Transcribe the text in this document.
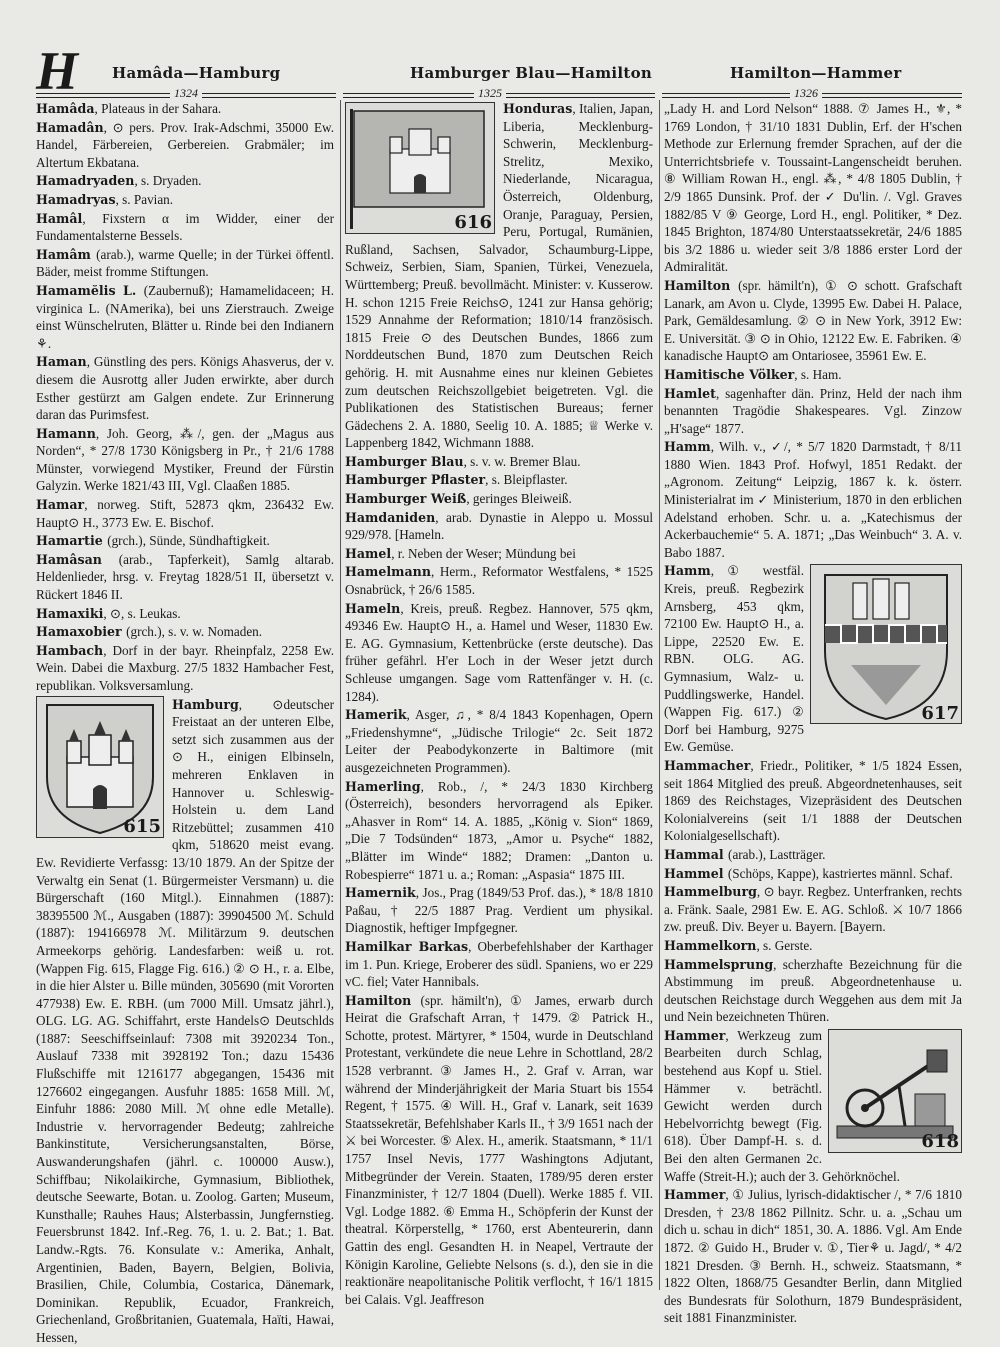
H Hamâda—Hamburg	Hamburger Blau—Hamilton	Hamilton—Hammer
1324	1325	1326

Hamâda, Plateaus in der Sahara.

Hamadân, ⊙ pers. Prov. Irak-Adschmi, 35000 Ew. Handel, Färbereien, Gerbereien. Grabmäler; im Altertum Ekbatana.

Hamadryaden, s. Dryaden.

Hamadryas, s. Pavian.

Hamâl, Fixstern α im Widder, einer der Fundamentalsterne Bessels.

Hamâm (arab.), warme Quelle; in der Türkei öffentl. Bäder, meist fromme Stiftungen.

Hamamĕlis L. (Zaubernuß); Hamamelidaceen; H. virginica L. (NAmerika), bei uns Zierstrauch. Zweige einst Wünschelruten, Blätter u. Rinde bei den Indianern ⚘.

Haman, Günstling des pers. Königs Ahasverus, der v. diesem die Ausrottg aller Juden erwirkte, aber durch Esther gestürzt am Galgen endete. Zur Erinnerung daran das Purimsfest.

Hamann, Joh. Georg, ⁂/, gen. der „Magus aus Norden“, * 27/8 1730 Königsberg in Pr., † 21/6 1788 Münster, vorwiegend Mystiker, Freund der Fürstin Galyzin. Werke 1821/43 III, Vgl. Claaßen 1885.

Hamar, norweg. Stift, 52873 qkm, 236432 Ew. Haupt⊙ H., 3773 Ew. E. Bischof.

Hamartie (grch.), Sünde, Sündhaftigkeit.

Hamâsan (arab., Tapferkeit), Samlg altarab. Heldenlieder, hrsg. v. Freytag 1828/51 II, übersetzt v. Rückert 1846 II.

Hamaxiki, ⊙, s. Leukas.

Hamaxobier (grch.), s. v. w. Nomaden.

Hambach, Dorf in der bayr. Rheinpfalz, 2258 Ew. Wein. Dabei die Maxburg. 27/5 1832 Hambacher Fest, republikan. Volksversamlung.

615

Hamburg, ⊙deutscher Freistaat an der unteren Elbe, setzt sich zusammen aus der ⊙ H., einigen Elbinseln, mehreren Enklaven in Hannover u. Schleswig-Holstein u. dem Land Ritzebüttel; zusammen 410 qkm, 518620 meist evang. Ew. Revidierte Verfassg: 13/10 1879. An der Spitze der Verwaltg ein Senat (1. Bürgermeister Versmann) u. die Bürgerschaft (160 Mitgl.). Einnahmen (1887): 38395500 ℳ., Ausgaben (1887): 39904500 ℳ. Schuld (1887): 194166978 ℳ. Militärzum 9. deutschen Armeekorps gehörig. Landesfarben: weiß u. rot. (Wappen Fig. 615, Flagge Fig. 616.) ② ⊙ H., r. a. Elbe, in die hier Alster u. Bille münden, 305690 (mit Vororten 477938) Ew. E. RBH. (um 7000 Mill. Umsatz jährl.), OLG. LG. AG. Schiffahrt, erste Handels⊙ Deutschlds (1887: Seeschiffseinlauf: 7308 mit 3920234 Ton., Auslauf 7338 mit 3928192 Ton.; dazu 15436 Flußschiffe mit 1216177 abgegangen, 15436 mit 1276602 eingegangen. Ausfuhr 1885: 1658 Mill. ℳ, Einfuhr 1886: 2080 Mill. ℳ ohne edle Metalle). Industrie v. hervorragender Bedeutg; zahlreiche Bankinstitute, Versicherungsanstalten, Börse, Auswanderungshafen (jährl. c. 100000 Ausw.), Schiffbau; Nikolaikirche, Gymnasium, Bibliothek, deutsche Seewarte, Botan. u. Zoolog. Garten; Museum, Kunsthalle; Rauhes Haus; Alsterbassin, Jungfernstieg. Feuersbrunst 1842. Inf.-Reg. 76, 1. u. 2. Bat.; 1. Bat. Landw.-Rgts. 76. Konsulate v.: Amerika, Anhalt, Argentinien, Baden, Bayern, Belgien, Bolivia, Brasilien, Chile, Columbia, Costarica, Dänemark, Dominikan. Republik, Ecuador, Frankreich, Griechenland, Großbritanien, Guatemala, Haïti, Hawai, Hessen,

616

Honduras, Italien, Japan, Liberia, Mecklenburg-Schwerin, Mecklenburg-Strelitz, Mexiko, Niederlande, Nicaragua, Österreich, Oldenburg, Oranje, Paraguay, Persien, Peru, Portugal, Rumänien, Rußland, Sachsen, Salvador, Schaumburg-Lippe, Schweiz, Serbien, Siam, Spanien, Türkei, Venezuela, Württemberg; Preuß. bevollmächt. Minister: v. Kusserow. H. schon 1215 Freie Reichs⊙, 1241 zur Hansa gehörig; 1529 Annahme der Reformation; 1810/14 französisch. 1815 Freie ⊙ des Deutschen Bundes, 1866 zum Norddeutschen Bund, 1870 zum Deutschen Reich gehörig. H. mit Ausnahme eines nur kleinen Gebietes zum deutschen Reichszollgebiet beigetreten. Vgl. die Publikationen des Statistischen Bureaus; ferner Gädechens 2. A. 1880, Seelig 10. A. 1885; ♕ Werke v. Lappenberg 1842, Wichmann 1888.

Hamburger Blau, s. v. w. Bremer Blau.

Hamburger Pflaster, s. Bleipflaster.

Hamburger Weiß, geringes Bleiweiß.

Hamdaniden, arab. Dynastie in Aleppo u. Mossul 929/978. [Hameln.

Hamel, r. Neben der Weser; Mündung bei

Hamelmann, Herm., Reformator Westfalens, * 1525 Osnabrück, † 26/6 1585.

Hameln, Kreis, preuß. Regbez. Hannover, 575 qkm, 49346 Ew. Haupt⊙ H., a. Hamel und Weser, 11830 Ew. E. AG. Gymnasium, Kettenbrücke (erste deutsche). Das früher gefährl. H'er Loch in der Weser jetzt durch Schleuse umgangen. Sage vom Rattenfänger v. H. (c. 1284).

Hamerik, Asger, ♫, * 8/4 1843 Kopenhagen, Opern „Friedenshymne“, „Jüdische Trilogie“ 2c. Seit 1872 Leiter der Peabodykonzerte in Baltimore (mit ausgezeichneten Programmen).

Hamerling, Rob., /, * 24/3 1830 Kirchberg (Österreich), besonders hervorragend als Epiker. „Ahasver in Rom“ 14. A. 1885, „König v. Sion“ 1869, „Die 7 Todsünden“ 1873, „Amor u. Psyche“ 1882, „Blätter im Winde“ 1882; Dramen: „Danton u. Robespierre“ 1871 u. a.; Roman: „Aspasia“ 1875 III.

Hamernik, Jos., Prag (1849/53 Prof. das.), * 18/8 1810 Paßau, † 22/5 1887 Prag. Verdient um physikal. Diagnostik, heftiger Impfgegner.

Hamilkar Barkas, Oberbefehlshaber der Karthager im 1. Pun. Kriege, Eroberer des südl. Spaniens, wo er 229 vC. fiel; Vater Hannibals.

Hamilton (spr. hämilt'n), ① James, erwarb durch Heirat die Grafschaft Arran, † 1479. ② Patrick H., Schotte, protest. Märtyrer, * 1504, wurde in Deutschland Protestant, verkündete die neue Lehre in Schottland, 28/2 1528 verbrannt. ③ James H., 2. Graf v. Arran, war während der Minderjährigkeit der Maria Stuart bis 1554 Regent, † 1575. ④ Will. H., Graf v. Lanark, seit 1639 Staatssekretär, Befehlshaber Karls II., † 3/9 1651 nach der ⚔ bei Worcester. ⑤ Alex. H., amerik. Staatsmann, * 11/1 1757 Insel Nevis, 1777 Washingtons Adjutant, Mitbegründer der Verein. Staaten, 1789/95 deren erster Finanzminister, † 12/7 1804 (Duell). Werke 1885 f. VII. Vgl. Lodge 1882. ⑥ Emma H., Schöpferin der Kunst der theatral. Körperstellg, * 1760, erst Abenteurerin, dann Gattin des engl. Gesandten H. in Neapel, Vertraute der Königin Karoline, Geliebte Nelsons (s. d.), den sie in die reaktionäre neapolitanische Politik verflocht, † 16/1 1815 bei Calais. Vgl. Jeaffreson

„Lady H. and Lord Nelson“ 1888. ⑦ James H., ⚜, * 1769 London, † 31/10 1831 Dublin, Erf. der H'schen Methode zur Erlernung fremder Sprachen, auf der die Unterrichtsbriefe v. Toussaint-Langenscheidt beruhen. ⑧ William Rowan H., engl. ⁂, * 4/8 1805 Dublin, † 2/9 1865 Dunsink. Prof. der ✓ Du'lin. /. Vgl. Graves 1882/85 V ⑨ George, Lord H., engl. Politiker, * Dez. 1845 Brighton, 1874/80 Unterstaatssekretär, 24/6 1885 bis 3/2 1886 u. wieder seit 3/8 1886 erster Lord der Admiralität.

Hamilton (spr. hämilt'n), ① ⊙ schott. Grafschaft Lanark, am Avon u. Clyde, 13995 Ew. Dabei H. Palace, Park, Gemäldesamlung. ② ⊙ in New York, 3912 Ew: E. Universität. ③ ⊙ in Ohio, 12122 Ew. E. Fabriken. ④ kanadische Haupt⊙ am Ontariosee, 35961 Ew. E.

Hamitische Völker, s. Ham.

Hamlet, sagenhafter dän. Prinz, Held der nach ihm benannten Tragödie Shakespeares. Vgl. Zinzow „H'sage“ 1877.

Hamm, Wilh. v., ✓/, * 5/7 1820 Darmstadt, † 8/11 1880 Wien. 1843 Prof. Hofwyl, 1851 Redakt. der „Agronom. Zeitung“ Leipzig, 1867 k. k. österr. Ministerialrat im ✓ Ministerium, 1870 in den erblichen Adelstand erhoben. Schr. u. a. „Katechismus der Ackerbauchemie“ 5. A. 1871; „Das Weinbuch“ 3. A. v. Babo 1887.

617

Hamm, ① westfäl. Kreis, preuß. Regbezirk Arnsberg, 453 qkm, 72100 Ew. Haupt⊙ H., a. Lippe, 22520 Ew. E. RBN. OLG. AG. Gymnasium, Walz- u. Puddlingswerke, Handel. (Wappen Fig. 617.) ② Dorf bei Hamburg, 9275 Ew. Gemüse.

Hammacher, Friedr., Politiker, * 1/5 1824 Essen, seit 1864 Mitglied des preuß. Abgeordnetenhauses, seit 1869 des Reichstages, Vizepräsident des Deutschen Kolonialvereins (seit 1/1 1888 der Deutschen Kolonialgesellschaft).

Hammal (arab.), Lastträger.

Hammel (Schöps, Kappe), kastriertes männl. Schaf.

Hammelburg, ⊙ bayr. Regbez. Unterfranken, rechts a. Fränk. Saale, 2981 Ew. E. AG. Schloß. ⚔ 10/7 1866 zw. preuß. Div. Beyer u. Bayern. [Bayern.

Hammelkorn, s. Gerste.

Hammelsprung, scherzhafte Bezeichnung für die Abstimmung im preuß. Abgeordnetenhause u. deutschen Reichstage durch Weggehen aus dem mit Ja und Nein bezeichneten Thüren.

618

Hammer, Werkzeug zum Bearbeiten durch Schlag, bestehend aus Kopf u. Stiel. Hämmer v. beträchtl. Gewicht werden durch Hebelvorrichtg bewegt (Fig. 618). Über Dampf-H. s. d. Bei den alten Germanen 2c. Waffe (Streit-H.); auch der 3. Gehörknöchel.

Hammer, ① Julius, lyrisch-didaktischer /, * 7/6 1810 Dresden, † 23/8 1862 Pillnitz. Schr. u. a. „Schau um dich u. schau in dich“ 1851, 30. A. 1886. Vgl. Am Ende 1872. ② Guido H., Bruder v. ①, Tier⚘ u. Jagd/, * 4/2 1821 Dresden. ③ Bernh. H., schweiz. Staatsmann, * 1822 Olten, 1868/75 Gesandter Berlin, dann Mitglied des Bundesrats für Solothurn, 1879 Bundespräsident, seit 1881 Finanzminister.
